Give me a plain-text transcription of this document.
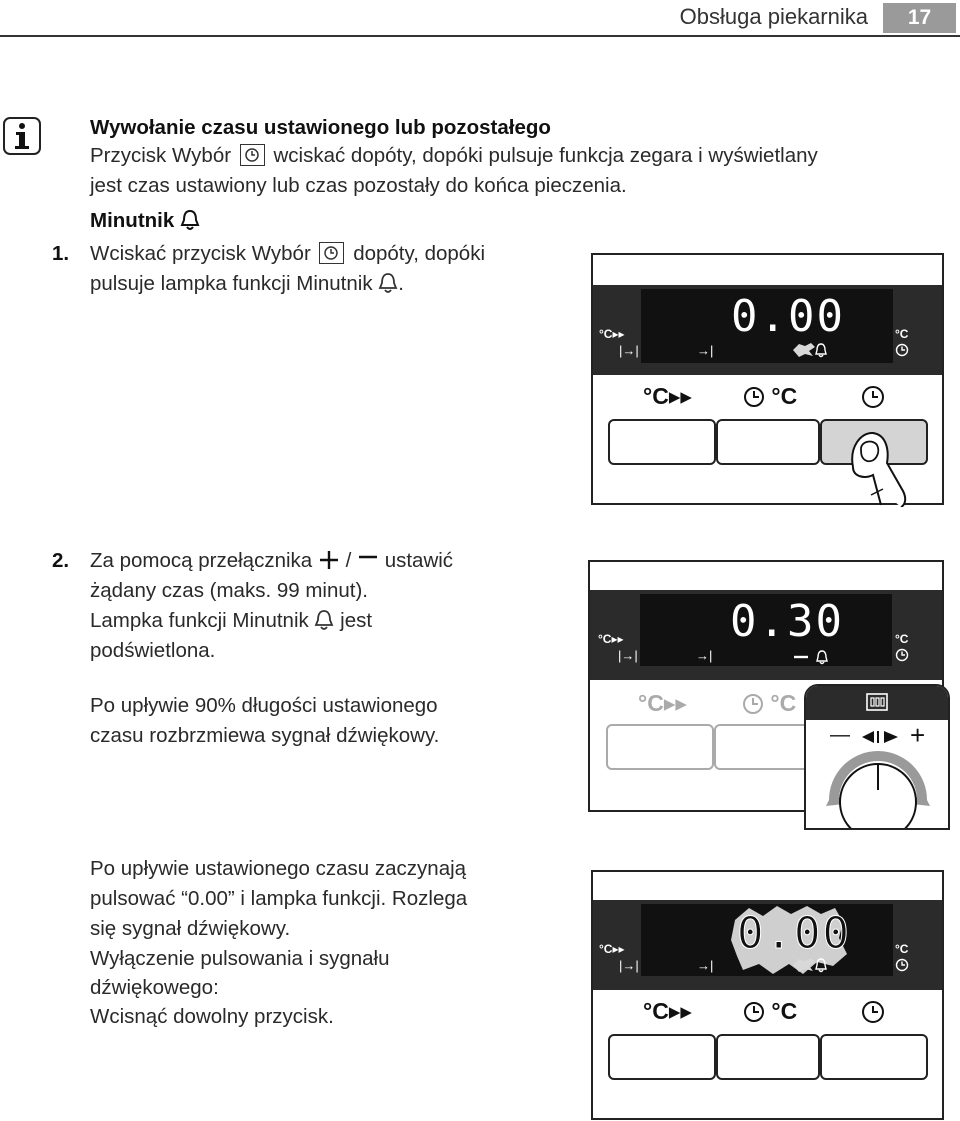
Obsługa piekarnika	17
Wywołanie czasu ustawionego lub pozostałego
Przycisk Wybór wciskać dopóty, dopóki pulsuje funkcja zegara i wyświetlany
jest czas ustawiony lub czas pozostały do końca pieczenia.
Minutnik
1. Wciskać przycisk Wybór dopóty, dopóki
pulsuje lampka funkcji Minutnik .
0.00
°C▸▸
|→|	→|
°C
°C▸▸	°C
2. Za pomocą przełącznika / ustawić
żądany czas (maks. 99 minut).
Lampka funkcji Minutnik jest
podświetlona.
Po upływie 90% długości ustawionego
czasu rozbrzmiewa sygnał dźwiękowy.
0.30
°C▸▸
|→|	→|
°C
°C▸▸	°C
— +
Po upływie ustawionego czasu zaczynają
pulsować “0.00” i lampka funkcji. Rozlega
się sygnał dźwiękowy.
Wyłączenie pulsowania i sygnału
dźwiękowego:
Wcisnąć dowolny przycisk.
0.00
°C▸▸
|→|	→|
°C
°C▸▸	°C
